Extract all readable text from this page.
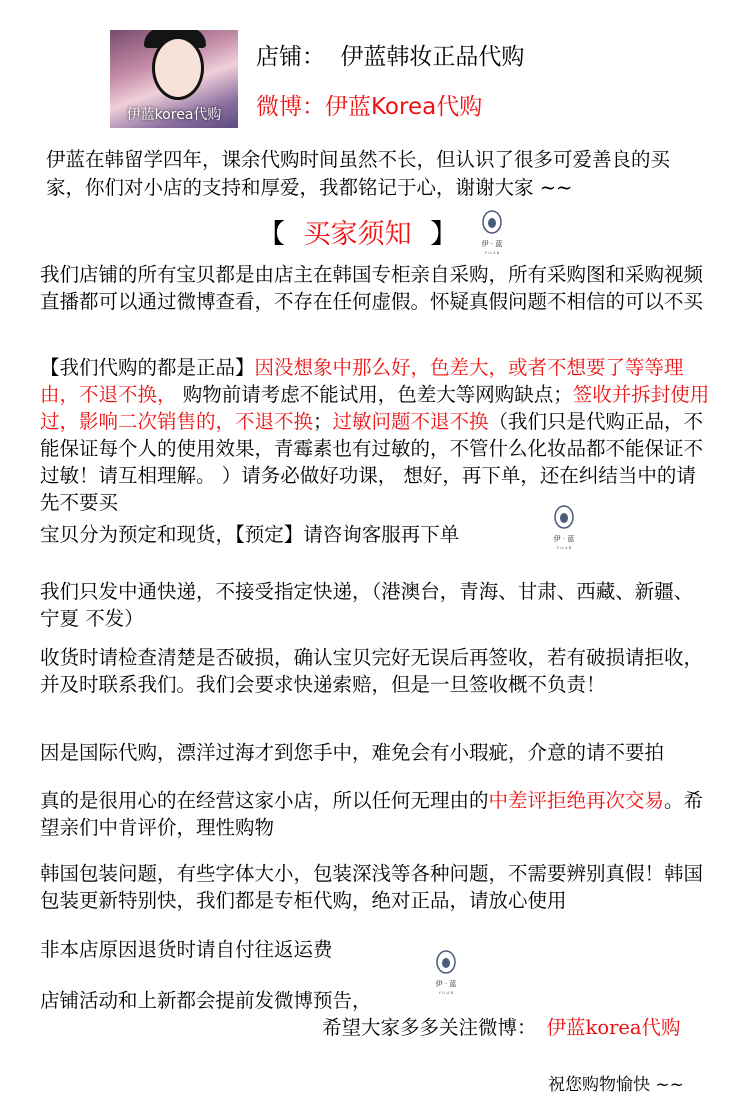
伊蓝korea代购
店铺： 伊蓝韩妆正品代购
微博：伊蓝Korea代购
伊蓝在韩留学四年，课余代购时间虽然不长，但认识了很多可爱善良的买家，你们对小店的支持和厚爱，我都铭记于心，谢谢大家 ~~
【 买家须知 】	伊 · 蓝
Y I L A N
我们店铺的所有宝贝都是由店主在韩国专柜亲自采购，所有采购图和采购视频直播都可以通过微博查看，不存在任何虚假。怀疑真假问题不相信的可以不买
【我们代购的都是正品】因没想象中那么好，色差大，或者不想要了等等理由，不退不换， 购物前请考虑不能试用，色差大等网购缺点；签收并拆封使用过，影响二次销售的，不退不换；过敏问题不退不换（我们只是代购正品，不能保证每个人的使用效果，青霉素也有过敏的，不管什么化妆品都不能保证不过敏！请互相理解。 ）请务必做好功课， 想好，再下单，还在纠结当中的请先不要买
宝贝分为预定和现货，【预定】请咨询客服再下单	伊 · 蓝
Y I L A N
我们只发中通快递，不接受指定快递，（港澳台，青海、甘肃、西藏、新疆、宁夏 不发）
收货时请检查清楚是否破损，确认宝贝完好无误后再签收，若有破损请拒收，并及时联系我们。我们会要求快递索赔，但是一旦签收概不负责！
因是国际代购，漂洋过海才到您手中，难免会有小瑕疵，介意的请不要拍
真的是很用心的在经营这家小店，所以任何无理由的中差评拒绝再次交易。希望亲们中肯评价，理性购物
韩国包装问题，有些字体大小，包装深浅等各种问题，不需要辨别真假！韩国包装更新特别快，我们都是专柜代购，绝对正品，请放心使用
非本店原因退货时请自付往返运费
伊 · 蓝
Y I L A N
店铺活动和上新都会提前发微博预告，
希望大家多多关注微博： 伊蓝korea代购
祝您购物愉快 ~~
